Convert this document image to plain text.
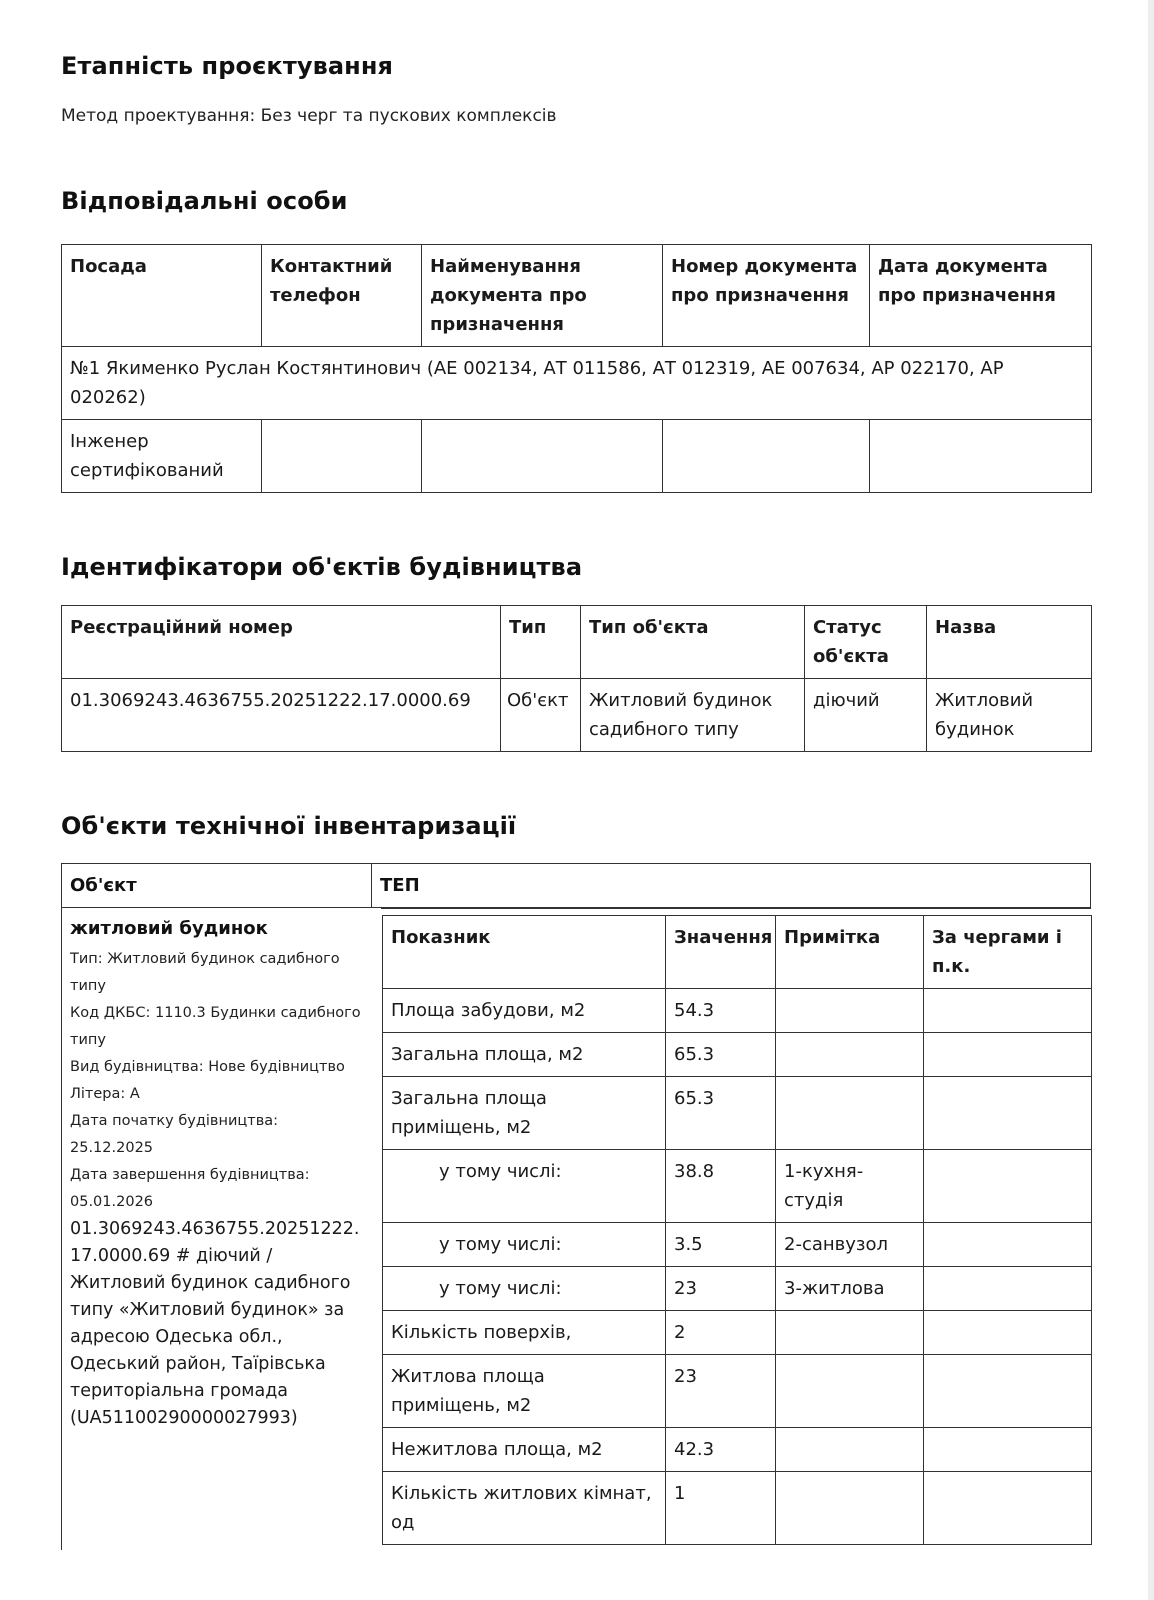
Етапність проєктування

Метод проектування: Без черг та пускових комплексів

Відповідальні особи
Посада	Контактний телефон	Найменування документа про призначення	Номер документа про призначення	Дата документа про призначення
№1 Якименко Руслан Костянтинович (АЕ 002134, АТ 011586, АТ 012319, АЕ 007634, АР 022170, АР 020262)				
Інженер сертифікований				
Ідентифікатори об'єктів будівництва
Реєстраційний номер	Тип	Тип об'єкта	Статус об'єкта	Назва
01.3069243.4636755.20251222.17.0000.69	Об'єкт	Житловий будинок садибного типу	діючий	Житловий будинок
Об'єкти технічної інвентаризації
Об'єкт	ТЕП
житловий будинок
Тип: Житловий будинок садибного типу
Код ДКБС: 1110.3 Будинки садибного типу
Вид будівництва: Нове будівництво
Літера: А
Дата початку будівництва: 25.12.2025
Дата завершення будівництва: 05.01.2026
01.3069243.4636755.20251222.
17.0000.69 # діючий /
Житловий будинок садибного типу «Житловий будинок» за адресою Одеська обл., Одеський район, Таїрівська територіальна громада (UA51100290000027993)
Показник	Значення	Примітка	За чергами і п.к.
Площа забудови, м2	54.3		
Загальна площа, м2	65.3		
Загальна площа приміщень, м2	65.3		
у тому числі:	38.8	1-кухня-студія	
у тому числі:	3.5	2-санвузол	
у тому числі:	23	3-житлова	
Кількість поверхів,	2		
Житлова площа приміщень, м2	23		
Нежитлова площа, м2	42.3		
Кількість житлових кімнат, од	1		
